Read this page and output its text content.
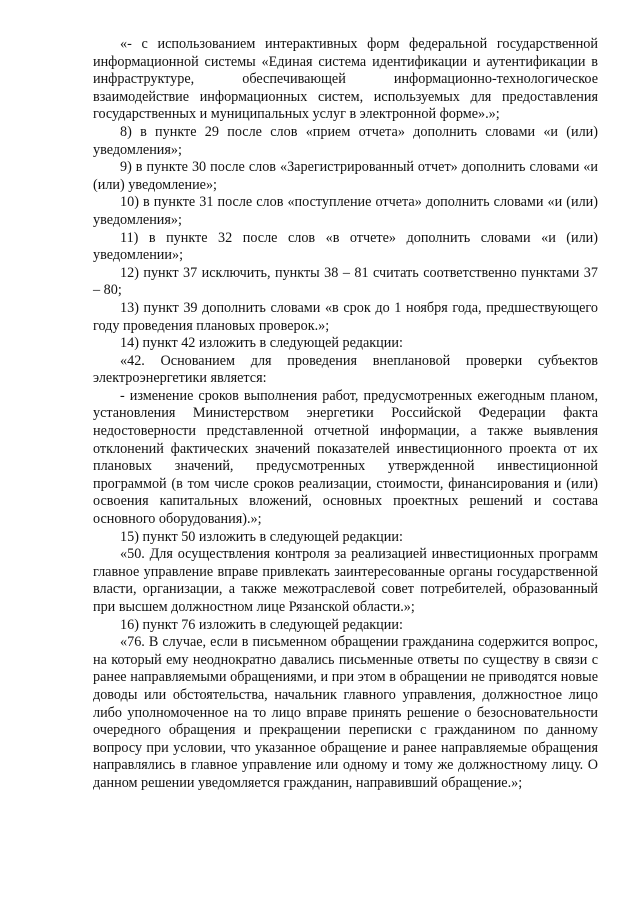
«- с использованием интерактивных форм федеральной государственной информационной системы «Единая система идентификации и аутентификации в инфраструктуре, обеспечивающей информационно-технологическое взаимодействие информационных систем, используемых для предоставления государственных и муниципальных услуг в электронной форме».»;

8) в пункте 29 после слов «прием отчета» дополнить словами «и (или) уведомления»;

9) в пункте 30 после слов «Зарегистрированный отчет» дополнить словами «и (или) уведомление»;

10) в пункте 31 после слов «поступление отчета» дополнить словами «и (или) уведомления»;

11) в пункте 32 после слов «в отчете» дополнить словами «и (или) уведомлении»;

12) пункт 37 исключить, пункты 38 – 81 считать соответственно пунктами 37 – 80;

13) пункт 39 дополнить словами «в срок до 1 ноября года, предшествующего году проведения плановых проверок.»;

14) пункт 42 изложить в следующей редакции:

«42. Основанием для проведения внеплановой проверки субъектов электроэнергетики является:

- изменение сроков выполнения работ, предусмотренных ежегодным планом, установления Министерством энергетики Российской Федерации факта недостоверности представленной отчетной информации, а также выявления отклонений фактических значений показателей инвестиционного проекта от их плановых значений, предусмотренных утвержденной инвестиционной программой (в том числе сроков реализации, стоимости, финансирования и (или) освоения капитальных вложений, основных проектных решений и состава основного оборудования).»;

15) пункт 50 изложить в следующей редакции:

«50. Для осуществления контроля за реализацией инвестиционных программ главное управление вправе привлекать заинтересованные органы государственной власти, организации, а также межотраслевой совет потребителей, образованный при высшем должностном лице Рязанской области.»;

16) пункт 76 изложить в следующей редакции:

«76. В случае, если в письменном обращении гражданина содержится вопрос, на который ему неоднократно давались письменные ответы по существу в связи с ранее направляемыми обращениями, и при этом в обращении не приводятся новые доводы или обстоятельства, начальник главного управления, должностное лицо либо уполномоченное на то лицо вправе принять решение о безосновательности очередного обращения и прекращении переписки с гражданином по данному вопросу при условии, что указанное обращение и ранее направляемые обращения направлялись в главное управление или одному и тому же должностному лицу. О данном решении уведомляется гражданин, направивший обращение.»;
